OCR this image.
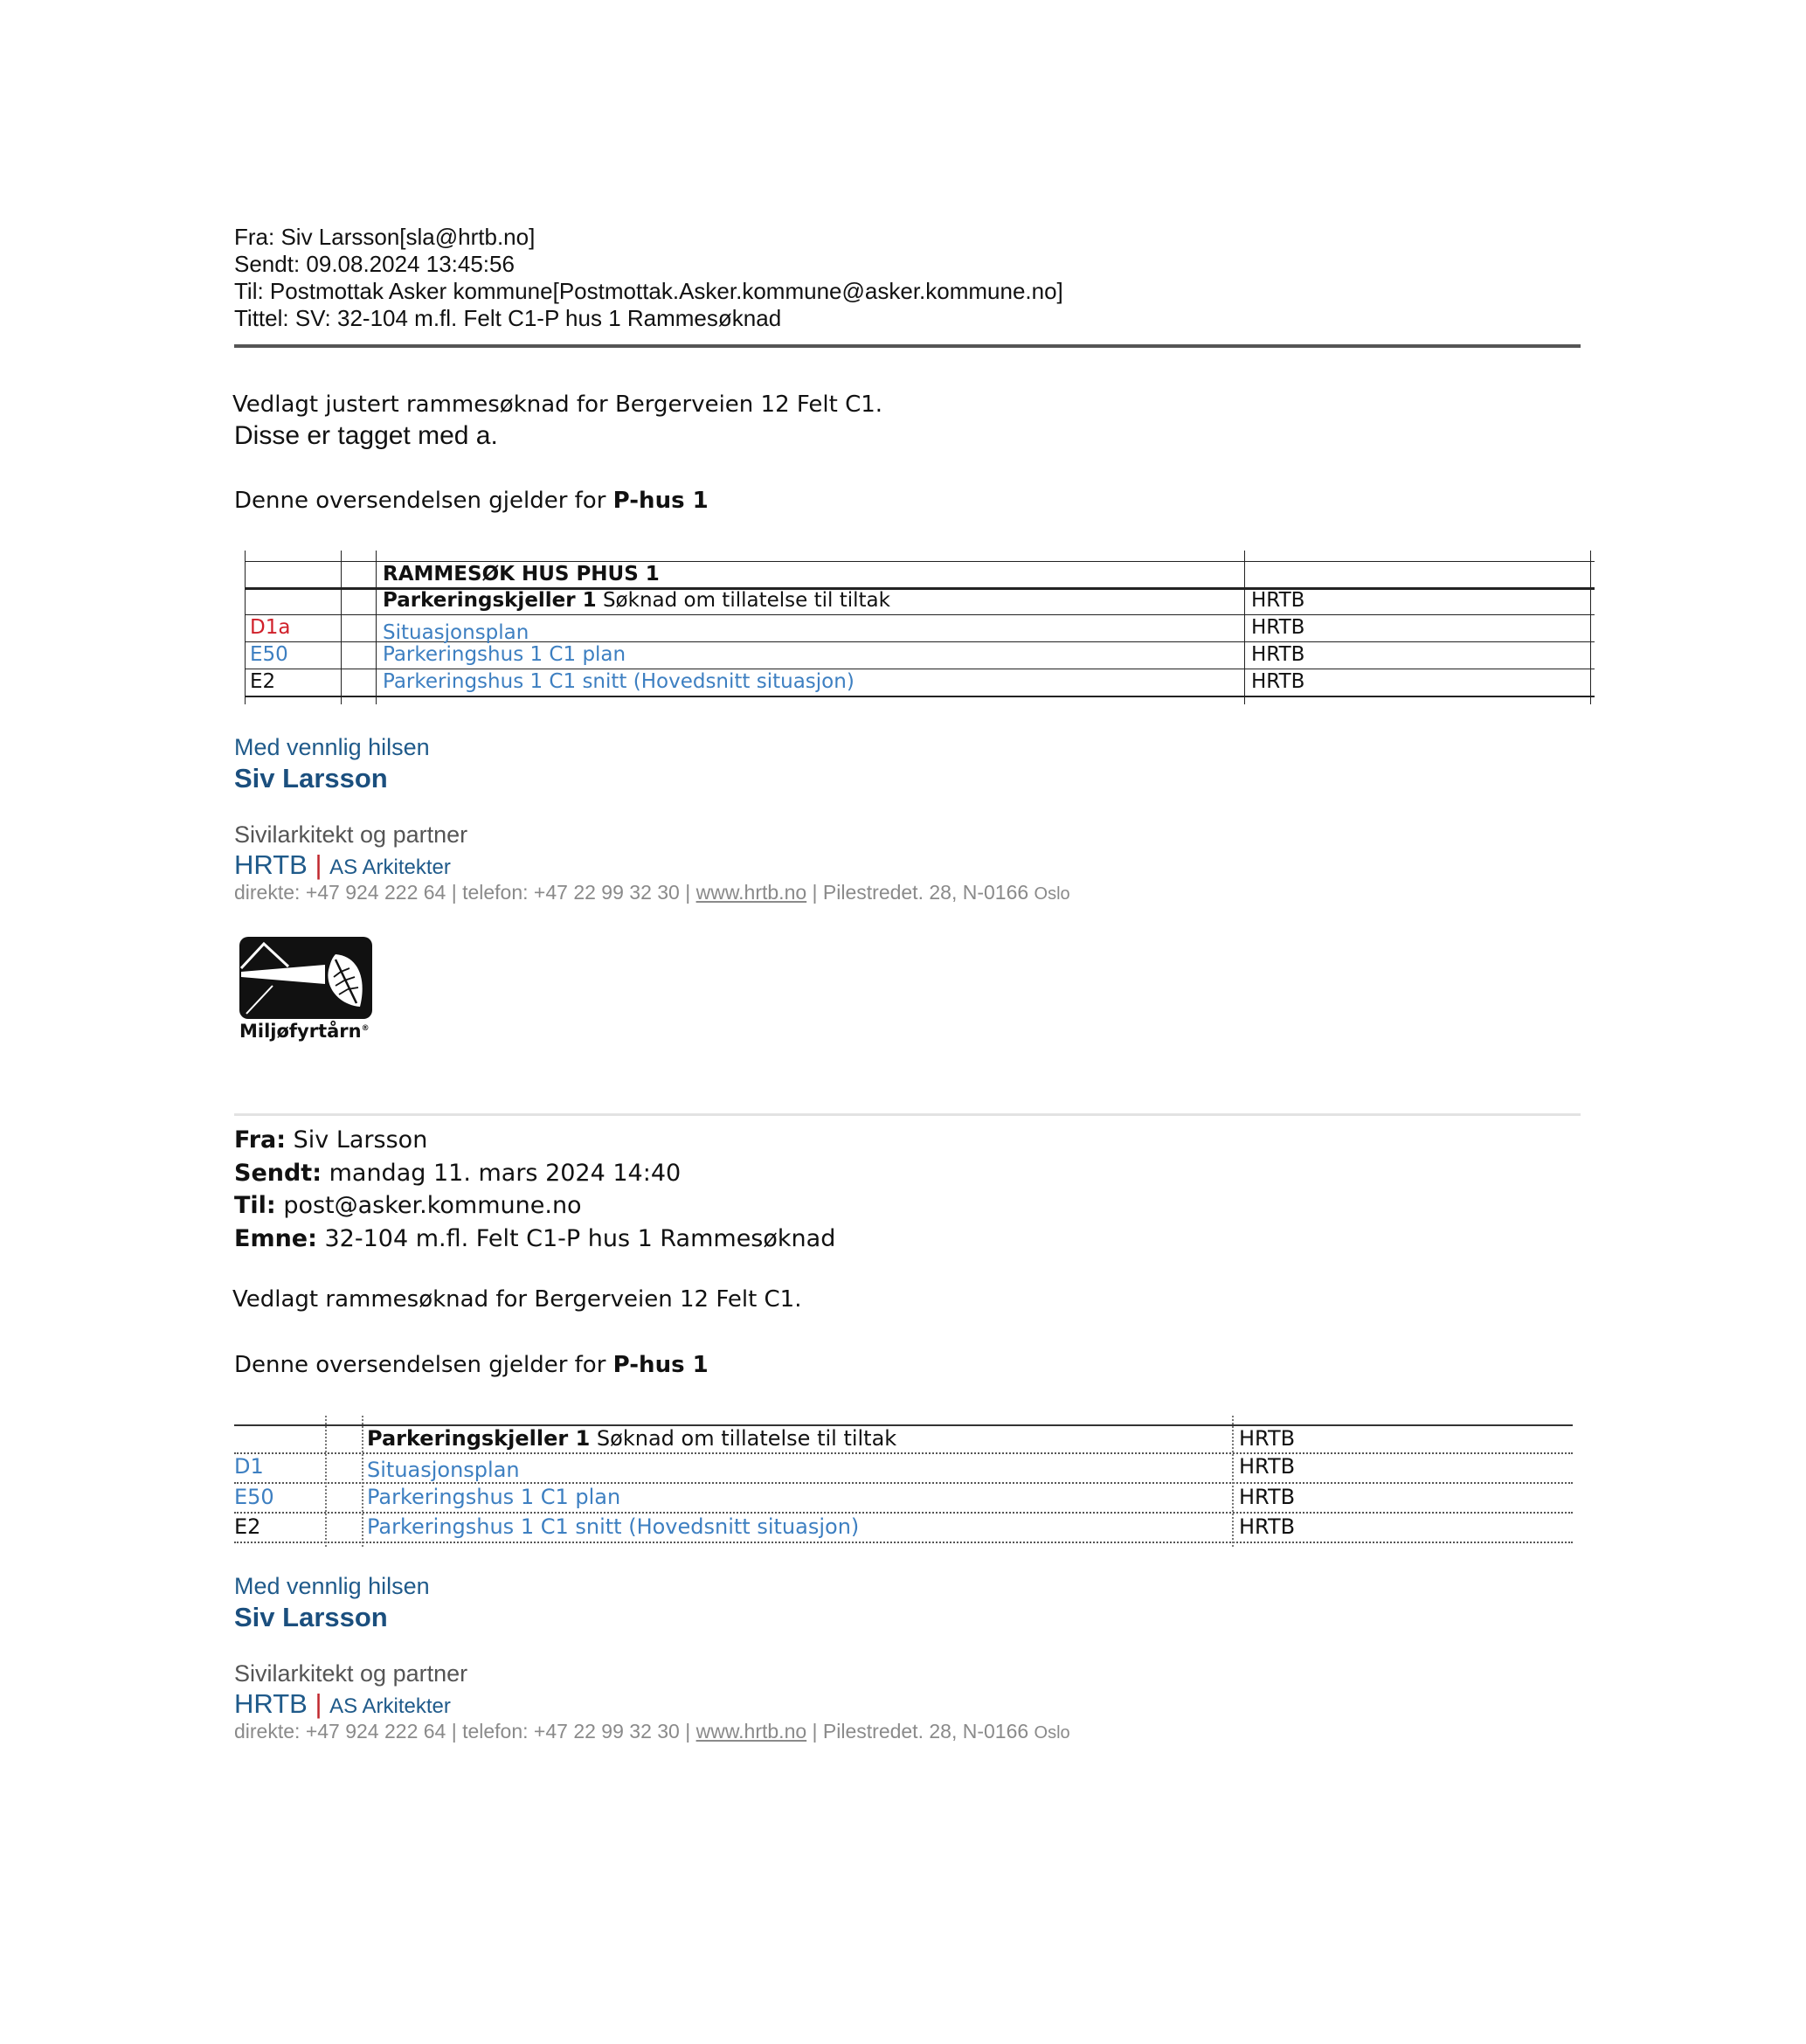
Fra: Siv Larsson[sla@hrtb.no]
Sendt: 09.08.2024 13:45:56
Til: Postmottak Asker kommune[Postmottak.Asker.kommune@asker.kommune.no]
Tittel: SV: 32-104 m.fl. Felt C1-P hus 1 Rammesøknad
Vedlagt justert rammesøknad for Bergerveien 12 Felt C1.
Disse er tagget med a.
Denne oversendelsen gjelder for P-hus 1
RAMMESØK HUS PHUS 1
Parkeringskjeller 1 Søknad om tillatelse til tiltak	HRTB
D1a	Situasjonsplan	HRTB
E50	Parkeringshus 1 C1 plan	HRTB
E2	Parkeringshus 1 C1 snitt (Hovedsnitt situasjon)	HRTB
Med vennlig hilsen
Siv Larsson
Sivilarkitekt og partner
HRTB | AS Arkitekter
direkte: +47 924 222 64 | telefon: +47 22 99 32 30 | www.hrtb.no | Pilestredet. 28, N-0166 Oslo
Miljøfyrtårn®
Fra: Siv Larsson
Sendt: mandag 11. mars 2024 14:40
Til: post@asker.kommune.no
Emne: 32-104 m.fl. Felt C1-P hus 1 Rammesøknad
Vedlagt rammesøknad for Bergerveien 12 Felt C1.
Denne oversendelsen gjelder for P-hus 1
Parkeringskjeller 1 Søknad om tillatelse til tiltak	HRTB
D1	Situasjonsplan	HRTB
E50	Parkeringshus 1 C1 plan	HRTB
E2	Parkeringshus 1 C1 snitt (Hovedsnitt situasjon)	HRTB
Med vennlig hilsen
Siv Larsson
Sivilarkitekt og partner
HRTB | AS Arkitekter
direkte: +47 924 222 64 | telefon: +47 22 99 32 30 | www.hrtb.no | Pilestredet. 28, N-0166 Oslo
